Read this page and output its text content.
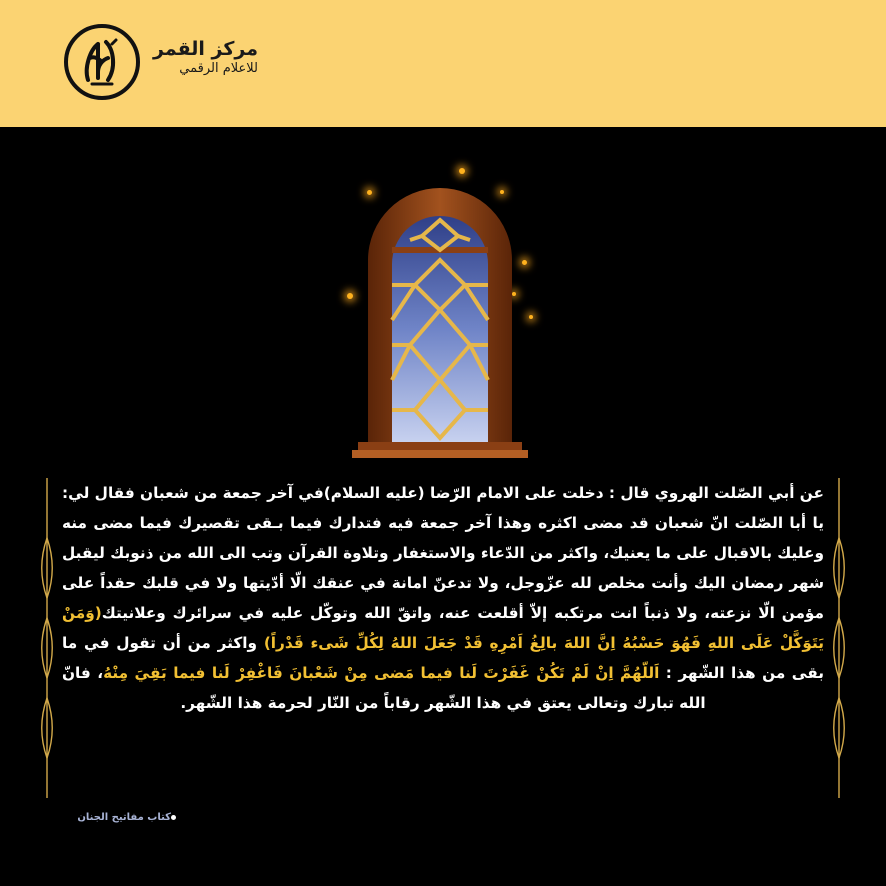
مركز القمر
للاعلام الرقمي
عن أبي الصّلت الهروي قال : دخلت على الامام الرّضا (عليه السلام)في آخر جمعة من شعبان فقال لي: يا أبا الصّلت انّ شعبان قد مضى اكثره وهذا آخر جمعة فيه فتدارك فيما بـقى تقصيرك فيما مضى منه وعليك بالاقبال على ما يعنيك، واكثر من الدّعاء والاستغفار وتلاوة القرآن وتب الى الله من ذنوبك ليقبل شهر رمضان اليك وأنت مخلص لله عزّوجل، ولا تدعنّ امانة في عنقك الّا أدّيتها ولا في قلبك حقداً على مؤمن الّا نزعته، ولا ذنباً انت مرتكبه إلاّ أقلعت عنه، واتقّ الله وتوكّل عليه في سرائرك وعلانيتك(وَمَنْ يَتَوَكَّلْ عَلَى اللهِ فَهُوَ حَسْبُهُ اِنَّ اللهَ بالِغُ اَمْرِهِ قَدْ جَعَلَ اللهُ لِكُلِّ شَىء قَدْراً) واكثر من أن تقول في ما بقى من هذا الشّهر : اَللّهُمَّ اِنْ لَمْ تَكُنْ غَفَرْتَ لَنا فيما مَضى مِنْ شَعْبانَ فَاغْفِرْ لَنا فيما بَقِيَ مِنْهُ، فانّ الله تبارك وتعالى يعتق في هذا الشّهر رقاباً من النّار لحرمة هذا الشّهر.
كتاب مفاتيح الجنان
